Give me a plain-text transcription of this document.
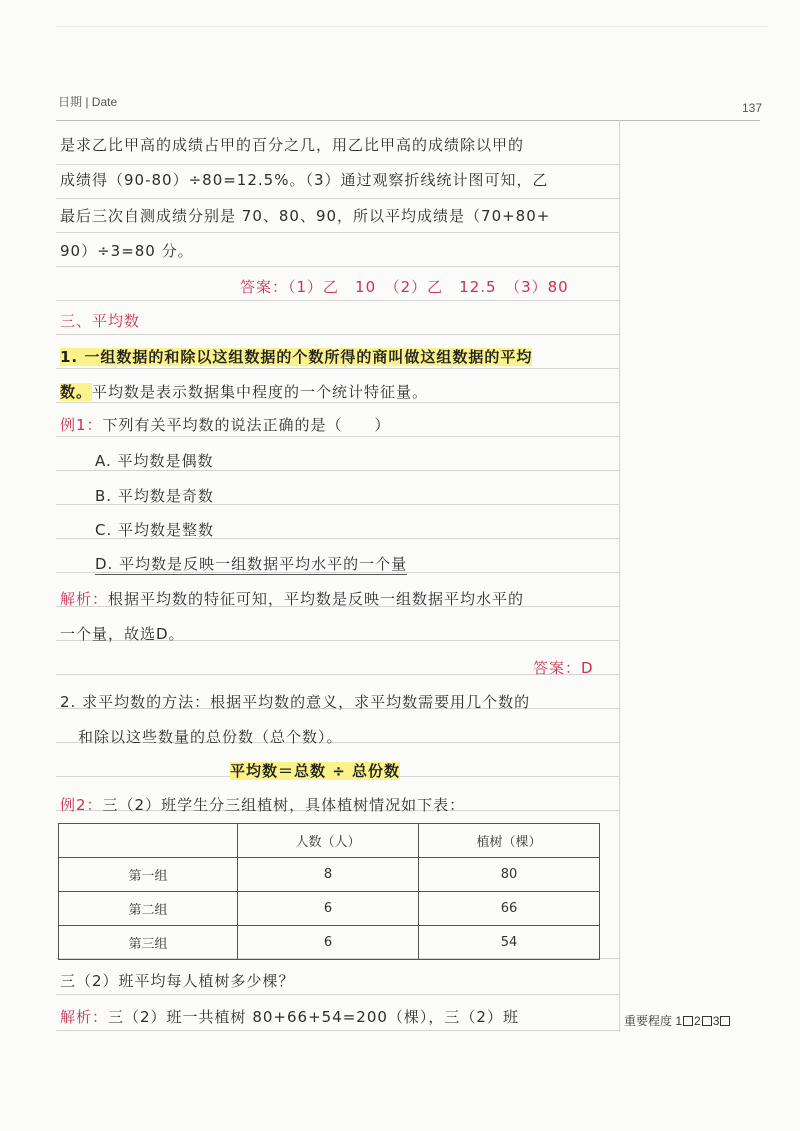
日期 | Date	137
是求乙比甲高的成绩占甲的百分之几，用乙比甲高的成绩除以甲的
成绩得（90-80）÷80=12.5%。（3）通过观察折线统计图可知，乙
最后三次自测成绩分别是 70、80、90，所以平均成绩是（70+80+
90）÷3=80 分。
答案：（1）乙　10　（2）乙　12.5　（3）80
三、平均数
1. 一组数据的和除以这组数据的个数所得的商叫做这组数据的平均
数。平均数是表示数据集中程度的一个统计特征量。
例1：下列有关平均数的说法正确的是（　　）
A. 平均数是偶数
B. 平均数是奇数
C. 平均数是整数
D. 平均数是反映一组数据平均水平的一个量
解析：根据平均数的特征可知，平均数是反映一组数据平均水平的
一个量，故选D。
答案：D
2. 求平均数的方法：根据平均数的意义，求平均数需要用几个数的
和除以这些数量的总份数（总个数）。
平均数＝总数 ÷ 总份数
例2：三（2）班学生分三组植树，具体植树情况如下表：
	人数（人）	植树（棵）
第一组	8	80
第二组	6	66
第三组	6	54
三（2）班平均每人植树多少棵？
解析：三（2）班一共植树 80+66+54=200（棵），三（2）班	重要程度 1 2 3
